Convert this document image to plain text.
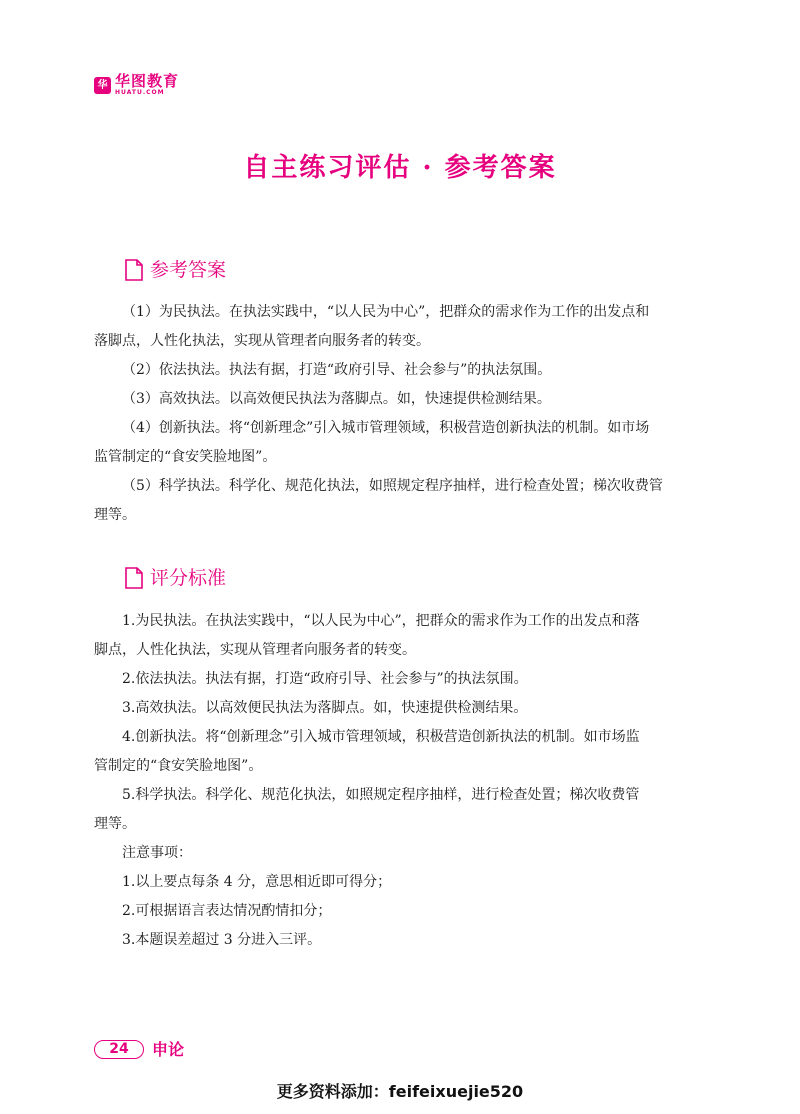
华 华图教育
HUATU.COM
自主练习评估 · 参考答案
参考答案
（1）为民执法。在执法实践中，“以人民为中心”，把群众的需求作为工作的出发点和
落脚点，人性化执法，实现从管理者向服务者的转变。
（2）依法执法。执法有据，打造“政府引导、社会参与”的执法氛围。
（3）高效执法。以高效便民执法为落脚点。如，快速提供检测结果。
（4）创新执法。将“创新理念”引入城市管理领域，积极营造创新执法的机制。如市场
监管制定的“食安笑脸地图”。
（5）科学执法。科学化、规范化执法，如照规定程序抽样，进行检查处置；梯次收费管
理等。
评分标准
1.为民执法。在执法实践中，“以人民为中心”，把群众的需求作为工作的出发点和落
脚点，人性化执法，实现从管理者向服务者的转变。
2.依法执法。执法有据，打造“政府引导、社会参与”的执法氛围。
3.高效执法。以高效便民执法为落脚点。如，快速提供检测结果。
4.创新执法。将“创新理念”引入城市管理领域，积极营造创新执法的机制。如市场监
管制定的“食安笑脸地图”。
5.科学执法。科学化、规范化执法，如照规定程序抽样，进行检查处置；梯次收费管
理等。
注意事项：
1.以上要点每条 4 分，意思相近即可得分；
2.可根据语言表达情况酌情扣分；
3.本题误差超过 3 分进入三评。
24	申论
更多资料添加：feifeixuejie520
